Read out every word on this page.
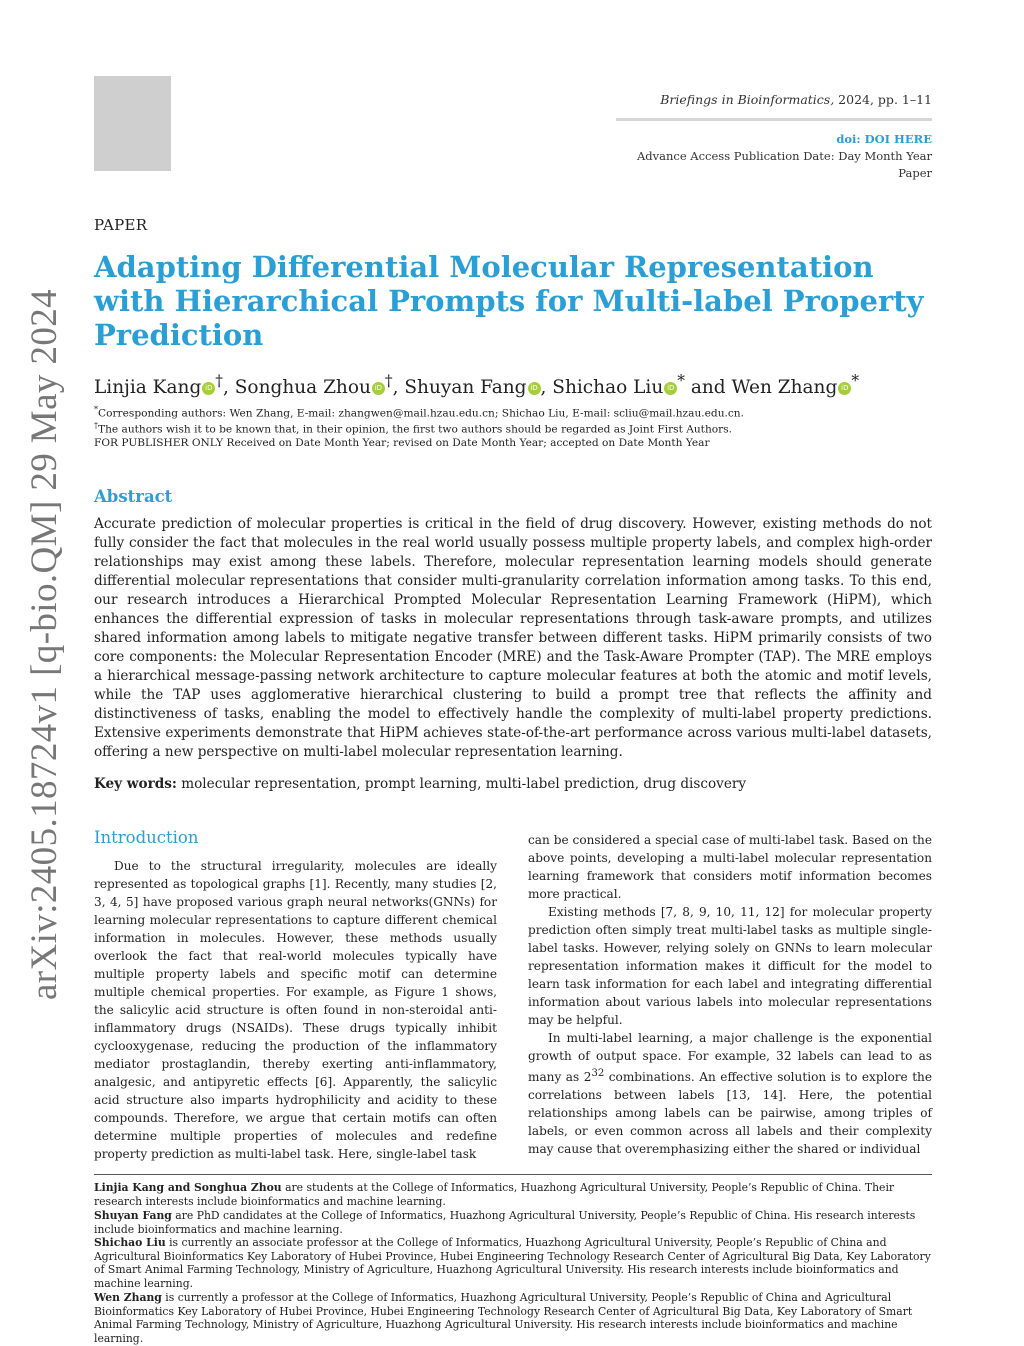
Briefings in Bioinformatics, 2024, pp. 1–11
doi: DOI HERE
Advance Access Publication Date: Day Month Year
Paper
arXiv:2405.18724v1 [q-bio.QM] 29 May 2024
PAPER
Adapting Differential Molecular Representation with Hierarchical Prompts for Multi-label Property Prediction
Linjia Kang iD †, Songhua Zhou iD †, Shuyan Fang iD , Shichao Liu iD * and Wen Zhang iD *
*Corresponding authors: Wen Zhang, E-mail: zhangwen@mail.hzau.edu.cn; Shichao Liu, E-mail: scliu@mail.hzau.edu.cn.
†The authors wish it to be known that, in their opinion, the first two authors should be regarded as Joint First Authors.
FOR PUBLISHER ONLY Received on Date Month Year; revised on Date Month Year; accepted on Date Month Year
Abstract

Accurate prediction of molecular properties is critical in the field of drug discovery. However, existing methods do not fully consider the fact that molecules in the real world usually possess multiple property labels, and complex high-order relationships may exist among these labels. Therefore, molecular representation learning models should generate differential molecular representations that consider multi-granularity correlation information among tasks. To this end, our research introduces a Hierarchical Prompted Molecular Representation Learning Framework (HiPM), which enhances the differential expression of tasks in molecular representations through task-aware prompts, and utilizes shared information among labels to mitigate negative transfer between different tasks. HiPM primarily consists of two core components: the Molecular Representation Encoder (MRE) and the Task-Aware Prompter (TAP). The MRE employs a hierarchical message-passing network architecture to capture molecular features at both the atomic and motif levels, while the TAP uses agglomerative hierarchical clustering to build a prompt tree that reflects the affinity and distinctiveness of tasks, enabling the model to effectively handle the complexity of multi-label property predictions. Extensive experiments demonstrate that HiPM achieves state-of-the-art performance across various multi-label datasets, offering a new perspective on multi-label molecular representation learning.

Key words: molecular representation, prompt learning, multi-label prediction, drug discovery
Introduction

Due to the structural irregularity, molecules are ideally represented as topological graphs [1]. Recently, many studies [2, 3, 4, 5] have proposed various graph neural networks(GNNs) for learning molecular representations to capture different chemical information in molecules. However, these methods usually overlook the fact that real-world molecules typically have multiple property labels and specific motif can determine multiple chemical properties. For example, as Figure 1 shows, the salicylic acid structure is often found in non-steroidal anti-inflammatory drugs (NSAIDs). These drugs typically inhibit cyclooxygenase, reducing the production of the inflammatory mediator prostaglandin, thereby exerting anti-inflammatory, analgesic, and antipyretic effects [6]. Apparently, the salicylic acid structure also imparts hydrophilicity and acidity to these compounds. Therefore, we argue that certain motifs can often determine multiple properties of molecules and redefine property prediction as multi-label task. Here, single-label task

can be considered a special case of multi-label task. Based on the above points, developing a multi-label molecular representation learning framework that considers motif information becomes more practical.

Existing methods [7, 8, 9, 10, 11, 12] for molecular property prediction often simply treat multi-label tasks as multiple single-label tasks. However, relying solely on GNNs to learn molecular representation information makes it difficult for the model to learn task information for each label and integrating differential information about various labels into molecular representations may be helpful.

In multi-label learning, a major challenge is the exponential growth of output space. For example, 32 labels can lead to as many as $2^{32}$ combinations. An effective solution is to explore the correlations between labels [13, 14]. Here, the potential relationships among labels can be pairwise, among triples of labels, or even common across all labels and their complexity may cause that overemphasizing either the shared or individual

Linjia Kang and Songhua Zhou are students at the College of Informatics, Huazhong Agricultural University, People’s Republic of China. Their research interests include bioinformatics and machine learning.

Shuyan Fang are PhD candidates at the College of Informatics, Huazhong Agricultural University, People’s Republic of China. His research interests include bioinformatics and machine learning.

Shichao Liu is currently an associate professor at the College of Informatics, Huazhong Agricultural University, People’s Republic of China and Agricultural Bioinformatics Key Laboratory of Hubei Province, Hubei Engineering Technology Research Center of Agricultural Big Data, Key Laboratory of Smart Animal Farming Technology, Ministry of Agriculture, Huazhong Agricultural University. His research interests include bioinformatics and machine learning.

Wen Zhang is currently a professor at the College of Informatics, Huazhong Agricultural University, People’s Republic of China and Agricultural Bioinformatics Key Laboratory of Hubei Province, Hubei Engineering Technology Research Center of Agricultural Big Data, Key Laboratory of Smart Animal Farming Technology, Ministry of Agriculture, Huazhong Agricultural University. His research interests include bioinformatics and machine learning.
